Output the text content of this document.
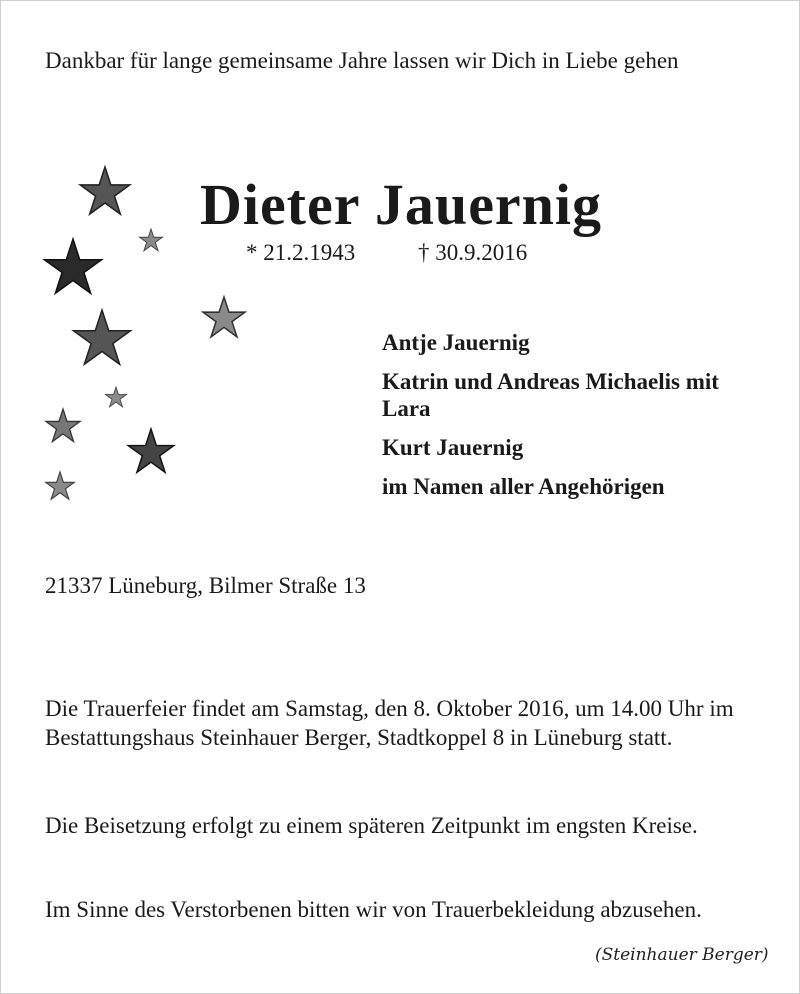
Dankbar für lange gemeinsame Jahre lassen wir Dich in Liebe gehen

Dieter Jauernig
* 21.2.1943	† 30.9.2016
Antje Jauernig
Katrin und Andreas Michaelis mit Lara
Kurt Jauernig
im Namen aller Angehörigen

21337 Lüneburg, Bilmer Straße 13

Die Trauerfeier findet am Samstag, den 8. Oktober 2016, um 14.00 Uhr im Bestattungshaus Steinhauer Berger, Stadtkoppel 8 in Lüneburg statt.

Die Beisetzung erfolgt zu einem späteren Zeitpunkt im engsten Kreise.

Im Sinne des Verstorbenen bitten wir von Trauerbekleidung abzusehen.

(Steinhauer Berger)
